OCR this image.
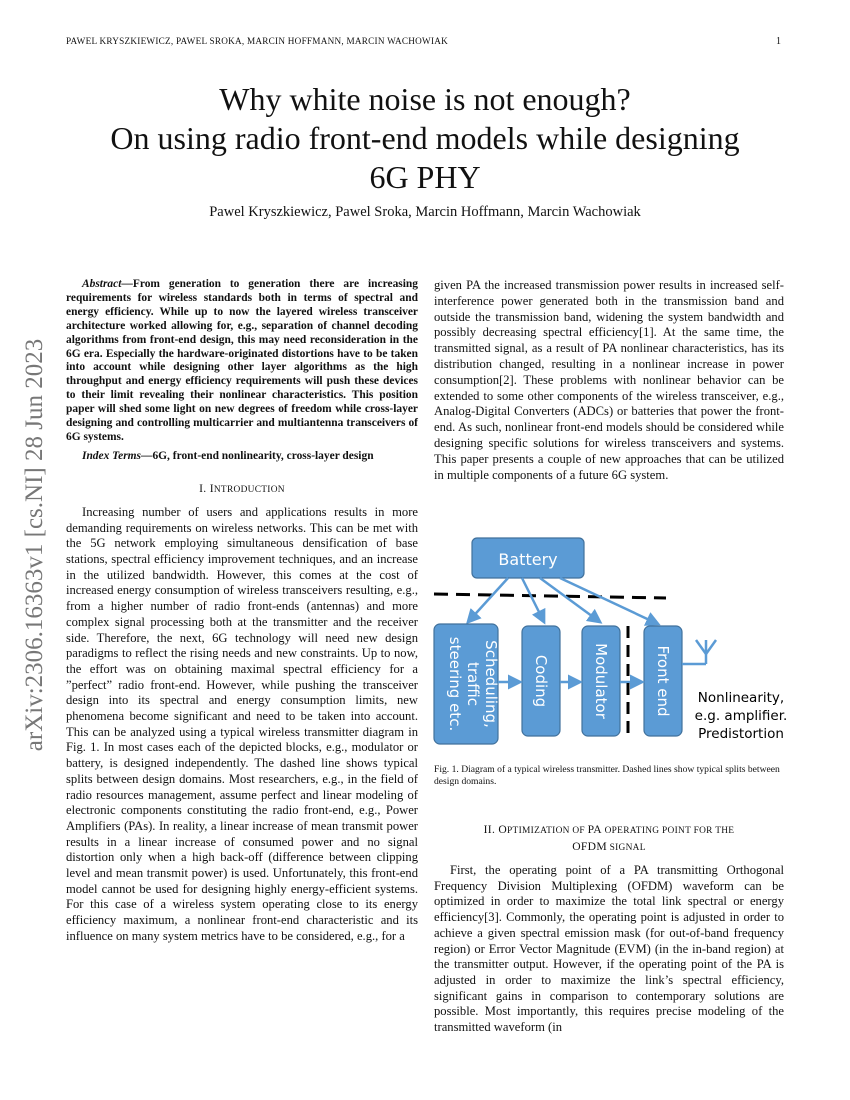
PAWEL KRYSZKIEWICZ, PAWEL SROKA, MARCIN HOFFMANN, MARCIN WACHOWIAK	1
Why white noise is not enough?
On using radio front-end models while designing
6G PHY
Pawel Kryszkiewicz, Pawel Sroka, Marcin Hoffmann, Marcin Wachowiak
arXiv:2306.16363v1 [cs.NI] 28 Jun 2023

Abstract—From generation to generation there are increasing requirements for wireless standards both in terms of spectral and energy efficiency. While up to now the layered wireless transceiver architecture worked allowing for, e.g., separation of channel decoding algorithms from front-end design, this may need reconsideration in the 6G era. Especially the hardware-originated distortions have to be taken into account while designing other layer algorithms as the high throughput and energy efficiency requirements will push these devices to their limit revealing their nonlinear characteristics. This position paper will shed some light on new degrees of freedom while cross-layer designing and controlling multicarrier and multiantenna transceivers of 6G systems.

Index Terms—6G, front-end nonlinearity, cross-layer design

I. INTRODUCTION

Increasing number of users and applications results in more demanding requirements on wireless networks. This can be met with the 5G network employing simultaneous densification of base stations, spectral efficiency improvement techniques, and an increase in the utilized bandwidth. However, this comes at the cost of increased energy consumption of wireless transceivers resulting, e.g., from a higher number of radio front-ends (antennas) and more complex signal processing both at the transmitter and the receiver side. Therefore, the next, 6G technology will need new design paradigms to reflect the rising needs and new constraints. Up to now, the effort was on obtaining maximal spectral efficiency for a ”perfect” radio front-end. However, while pushing the transceiver design into its spectral and energy consumption limits, new phenomena become significant and need to be taken into account. This can be analyzed using a typical wireless transmitter diagram in Fig. 1. In most cases each of the depicted blocks, e.g., modulator or battery, is designed independently. The dashed line shows typical splits between design domains. Most researchers, e.g., in the field of radio resources management, assume perfect and linear modeling of electronic components constituting the radio front-end, e.g., Power Amplifiers (PAs). In reality, a linear increase of mean transmit power results in a linear increase of consumed power and no signal distortion only when a high back-off (difference between clipping level and mean transmit power) is used. Unfortunately, this front-end model cannot be used for designing highly energy-efficient systems. For this case of a wireless system operating close to its energy efficiency maximum, a nonlinear front-end characteristic and its influence on many system metrics have to be considered, e.g., for a

given PA the increased transmission power results in increased self-interference power generated both in the transmission band and outside the transmission band, widening the system bandwidth and possibly decreasing spectral efficiency[1]. At the same time, the transmitted signal, as a result of PA nonlinear characteristics, has its distribution changed, resulting in a nonlinear increase in power consumption[2]. These problems with nonlinear behavior can be extended to some other components of the wireless transceiver, e.g., Analog-Digital Converters (ADCs) or batteries that power the front-end. As such, nonlinear front-end models should be considered while designing specific solutions for wireless transceivers and systems. This paper presents a couple of new approaches that can be utilized in multiple components of a future 6G system.

Battery
Scheduling,
traffic
steering etc.	Coding	Modulator	Front end Nonlinearity,
e.g. amplifier.
Predistortion
Fig. 1. Diagram of a typical wireless transmitter. Dashed lines show typical splits between design domains.
II. OPTIMIZATION OF PA OPERATING POINT FOR THE
OFDM SIGNAL

First, the operating point of a PA transmitting Orthogonal Frequency Division Multiplexing (OFDM) waveform can be optimized in order to maximize the total link spectral or energy efficiency[3]. Commonly, the operating point is adjusted in order to achieve a given spectral emission mask (for out-of-band frequency region) or Error Vector Magnitude (EVM) (in the in-band region) at the transmitter output. However, if the operating point of the PA is adjusted in order to maximize the link’s spectral efficiency, significant gains in comparison to contemporary solutions are possible. Most importantly, this requires precise modeling of the transmitted waveform (in
